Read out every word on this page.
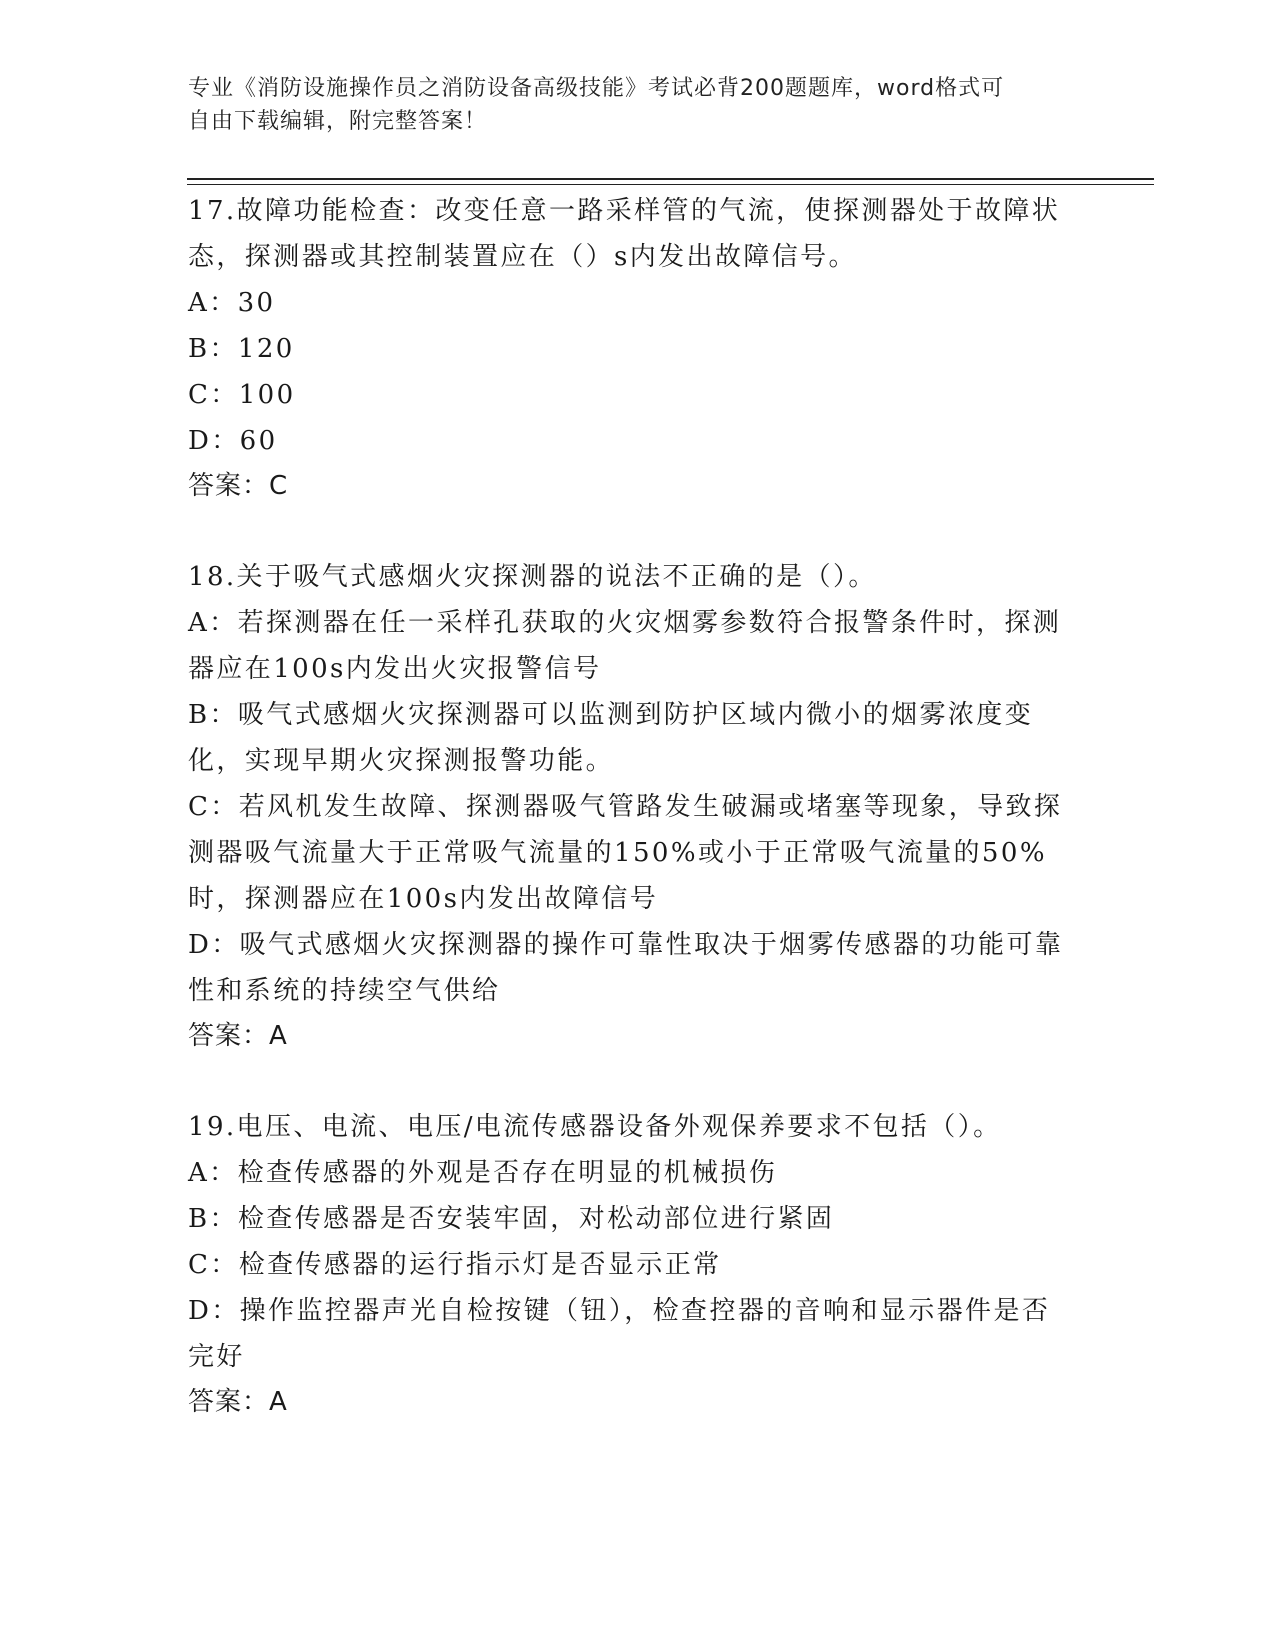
专业《消防设施操作员之消防设备高级技能》考试必背200题题库，word格式可
自由下载编辑，附完整答案！
17.故障功能检查：改变任意一路采样管的气流，使探测器处于故障状态，探测器或其控制装置应在（）s内发出故障信号。
A：30
B：120
C：100
D：60
答案：C
18.关于吸气式感烟火灾探测器的说法不正确的是（）。
A：若探测器在任一采样孔获取的火灾烟雾参数符合报警条件时，探测器应在100s内发出火灾报警信号
B：吸气式感烟火灾探测器可以监测到防护区域内微小的烟雾浓度变化，实现早期火灾探测报警功能。
C：若风机发生故障、探测器吸气管路发生破漏或堵塞等现象，导致探测器吸气流量大于正常吸气流量的150%或小于正常吸气流量的50%时，探测器应在100s内发出故障信号
D：吸气式感烟火灾探测器的操作可靠性取决于烟雾传感器的功能可靠性和系统的持续空气供给
答案：A
19.电压、电流、电压/电流传感器设备外观保养要求不包括（）。
A：检查传感器的外观是否存在明显的机械损伤
B：检查传感器是否安装牢固，对松动部位进行紧固
C：检查传感器的运行指示灯是否显示正常
D：操作监控器声光自检按键（钮），检查控器的音响和显示器件是否完好
答案：A
